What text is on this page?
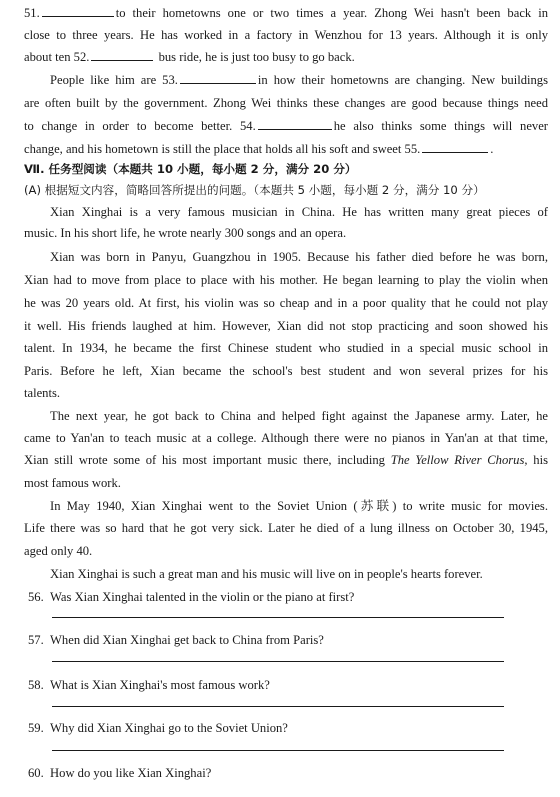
51.	to their hometowns one or two times a year. Zhong Wei hasn't been back in
close to three years. He has worked in a factory in Wenzhou for 13 years. Although it is only
about ten 52.	bus ride, he is just too busy to go back.
People like him are 53.	in how their hometowns are changing. New buildings
are often built by the government. Zhong Wei thinks these changes are good because things need
to change in order to become better. 54.	he also thinks some things will never
change, and his hometown is still the place that holds all his soft and sweet 55.	.
Ⅶ. 任务型阅读（本题共 10 小题，每小题 2 分，满分 20 分）
(A) 根据短文内容，简略回答所提出的问题。（本题共 5 小题，每小题 2 分，满分 10 分）
Xian Xinghai is a very famous musician in China. He has written many great pieces of
music. In his short life, he wrote nearly 300 songs and an opera.
Xian was born in Panyu, Guangzhou in 1905. Because his father died before he was born,
Xian had to move from place to place with his mother. He began learning to play the violin when
he was 20 years old. At first, his violin was so cheap and in a poor quality that he could not play
it well. His friends laughed at him. However, Xian did not stop practicing and soon showed his
talent. In 1934, he became the first Chinese student who studied in a special music school in
Paris. Before he left, Xian became the school's best student and won several prizes for his
talents.
The next year, he got back to China and helped fight against the Japanese army. Later, he
came to Yan'an to teach music at a college. Although there were no pianos in Yan'an at that time,
Xian still wrote some of his most important music there, including The Yellow River Chorus, his
most famous work.
In May 1940, Xian Xinghai went to the Soviet Union (苏联) to write music for movies.
Life there was so hard that he got very sick. Later he died of a lung illness on October 30, 1945,
aged only 40.
Xian Xinghai is such a great man and his music will live on in people's hearts forever.
56. Was Xian Xinghai talented in the violin or the piano at first?
57. When did Xian Xinghai get back to China from Paris?
58. What is Xian Xinghai's most famous work?
59. Why did Xian Xinghai go to the Soviet Union?
60. How do you like Xian Xinghai?
